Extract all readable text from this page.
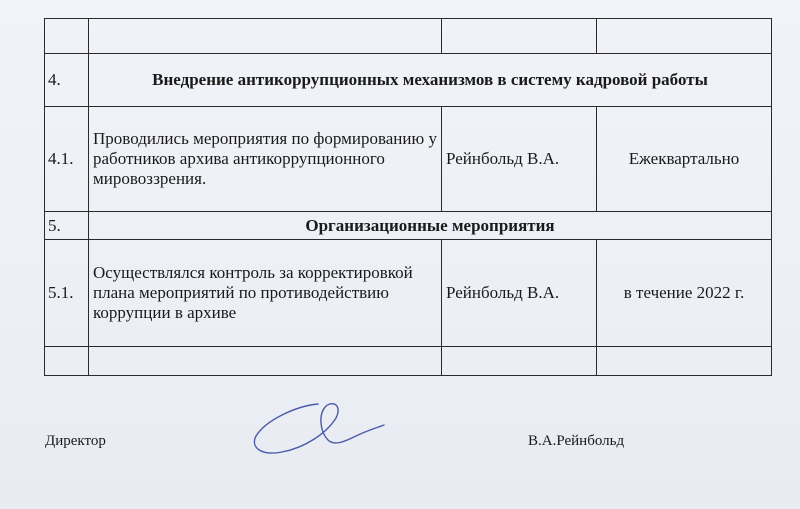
4.	Внедрение антикоррупционных механизмов в систему кадровой работы		
4.1.	Проводились мероприятия по формированию у работников архива антикоррупционного мировоззрения.	Рейнбольд В.А.	Ежеквартально
5.	Организационные мероприятия		
5.1.	Осуществлялся контроль за корректировкой плана мероприятий по противодействию коррупции в архиве	Рейнбольд В.А.	в течение 2022 г.

Директор	В.А.Рейнбольд
